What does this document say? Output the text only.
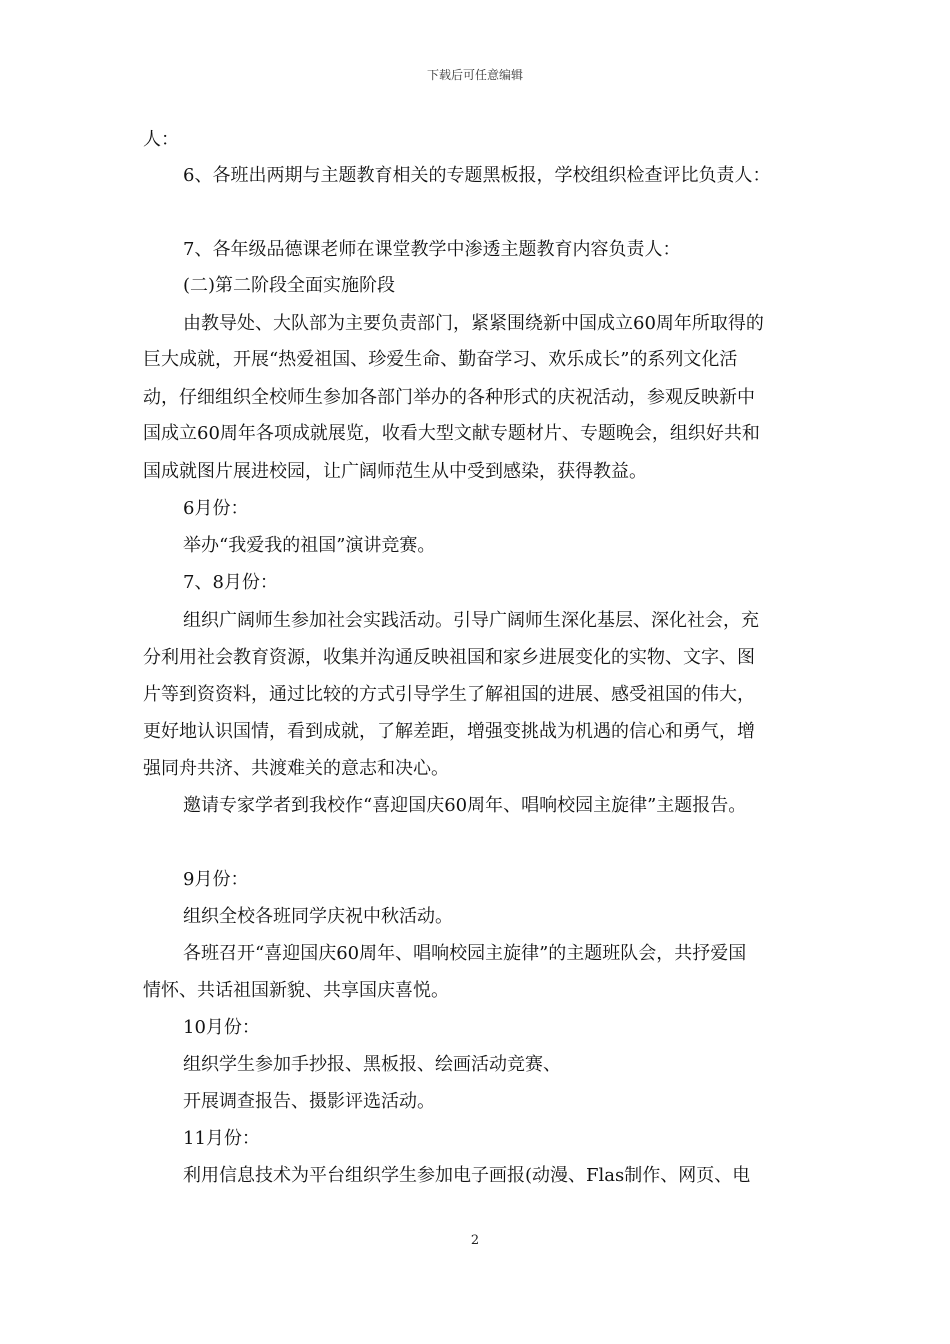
下载后可任意编辑
人：
6、各班出两期与主题教育相关的专题黑板报，学校组织检查评比负责人：
7、各年级品德课老师在课堂教学中渗透主题教育内容负责人：
(二)第二阶段全面实施阶段
由教导处、大队部为主要负责部门，紧紧围绕新中国成立60周年所取得的
巨大成就，开展“热爱祖国、珍爱生命、勤奋学习、欢乐成长”的系列文化活
动，仔细组织全校师生参加各部门举办的各种形式的庆祝活动，参观反映新中
国成立60周年各项成就展览，收看大型文献专题材片、专题晚会，组织好共和
国成就图片展进校园，让广阔师范生从中受到感染，获得教益。
6月份：
举办“我爱我的祖国”演讲竞赛。
7、8月份：
组织广阔师生参加社会实践活动。引导广阔师生深化基层、深化社会，充
分利用社会教育资源，收集并沟通反映祖国和家乡进展变化的实物、文字、图
片等到资资料，通过比较的方式引导学生了解祖国的进展、感受祖国的伟大，
更好地认识国情，看到成就，了解差距，增强变挑战为机遇的信心和勇气，增
强同舟共济、共渡难关的意志和决心。
邀请专家学者到我校作“喜迎国庆60周年、唱响校园主旋律”主题报告。
9月份：
组织全校各班同学庆祝中秋活动。
各班召开“喜迎国庆60周年、唱响校园主旋律”的主题班队会，共抒爱国
情怀、共话祖国新貌、共享国庆喜悦。
10月份：
组织学生参加手抄报、黑板报、绘画活动竞赛、
开展调查报告、摄影评选活动。
11月份：
利用信息技术为平台组织学生参加电子画报(动漫、Flas制作、网页、电
2
